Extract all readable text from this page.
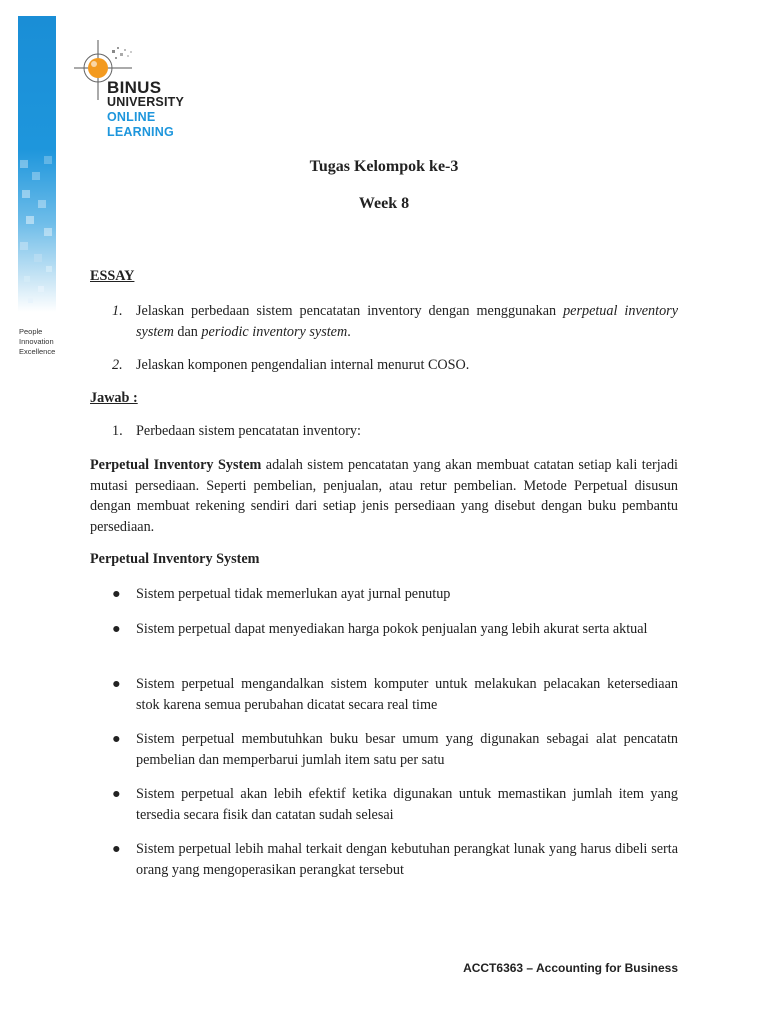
People
Innovation
Excellence
BINUS
UNIVERSITY
ONLINE
LEARNING
Tugas Kelompok ke-3
Week 8
ESSAY
1. Jelaskan perbedaan sistem pencatatan inventory dengan menggunakan perpetual inventory system dan periodic inventory system.
2. Jelaskan komponen pengendalian internal menurut COSO.
Jawab :
1. Perbedaan sistem pencatatan inventory:
Perpetual Inventory System adalah sistem pencatatan yang akan membuat catatan setiap kali terjadi mutasi persediaan. Seperti pembelian, penjualan, atau retur pembelian. Metode Perpetual disusun dengan membuat rekening sendiri dari setiap jenis persediaan yang disebut dengan buku pembantu persediaan.
Perpetual Inventory System
● Sistem perpetual tidak memerlukan ayat jurnal penutup
● Sistem perpetual dapat menyediakan harga pokok penjualan yang lebih akurat serta aktual
● Sistem perpetual mengandalkan sistem komputer untuk melakukan pelacakan ketersediaan stok karena semua perubahan dicatat secara real time
● Sistem perpetual membutuhkan buku besar umum yang digunakan sebagai alat pencatatn pembelian dan memperbarui jumlah item satu per satu
● Sistem perpetual akan lebih efektif ketika digunakan untuk memastikan jumlah item yang tersedia secara fisik dan catatan sudah selesai
● Sistem perpetual lebih mahal terkait dengan kebutuhan perangkat lunak yang harus dibeli serta orang yang mengoperasikan perangkat tersebut
ACCT6363 – Accounting for Business
